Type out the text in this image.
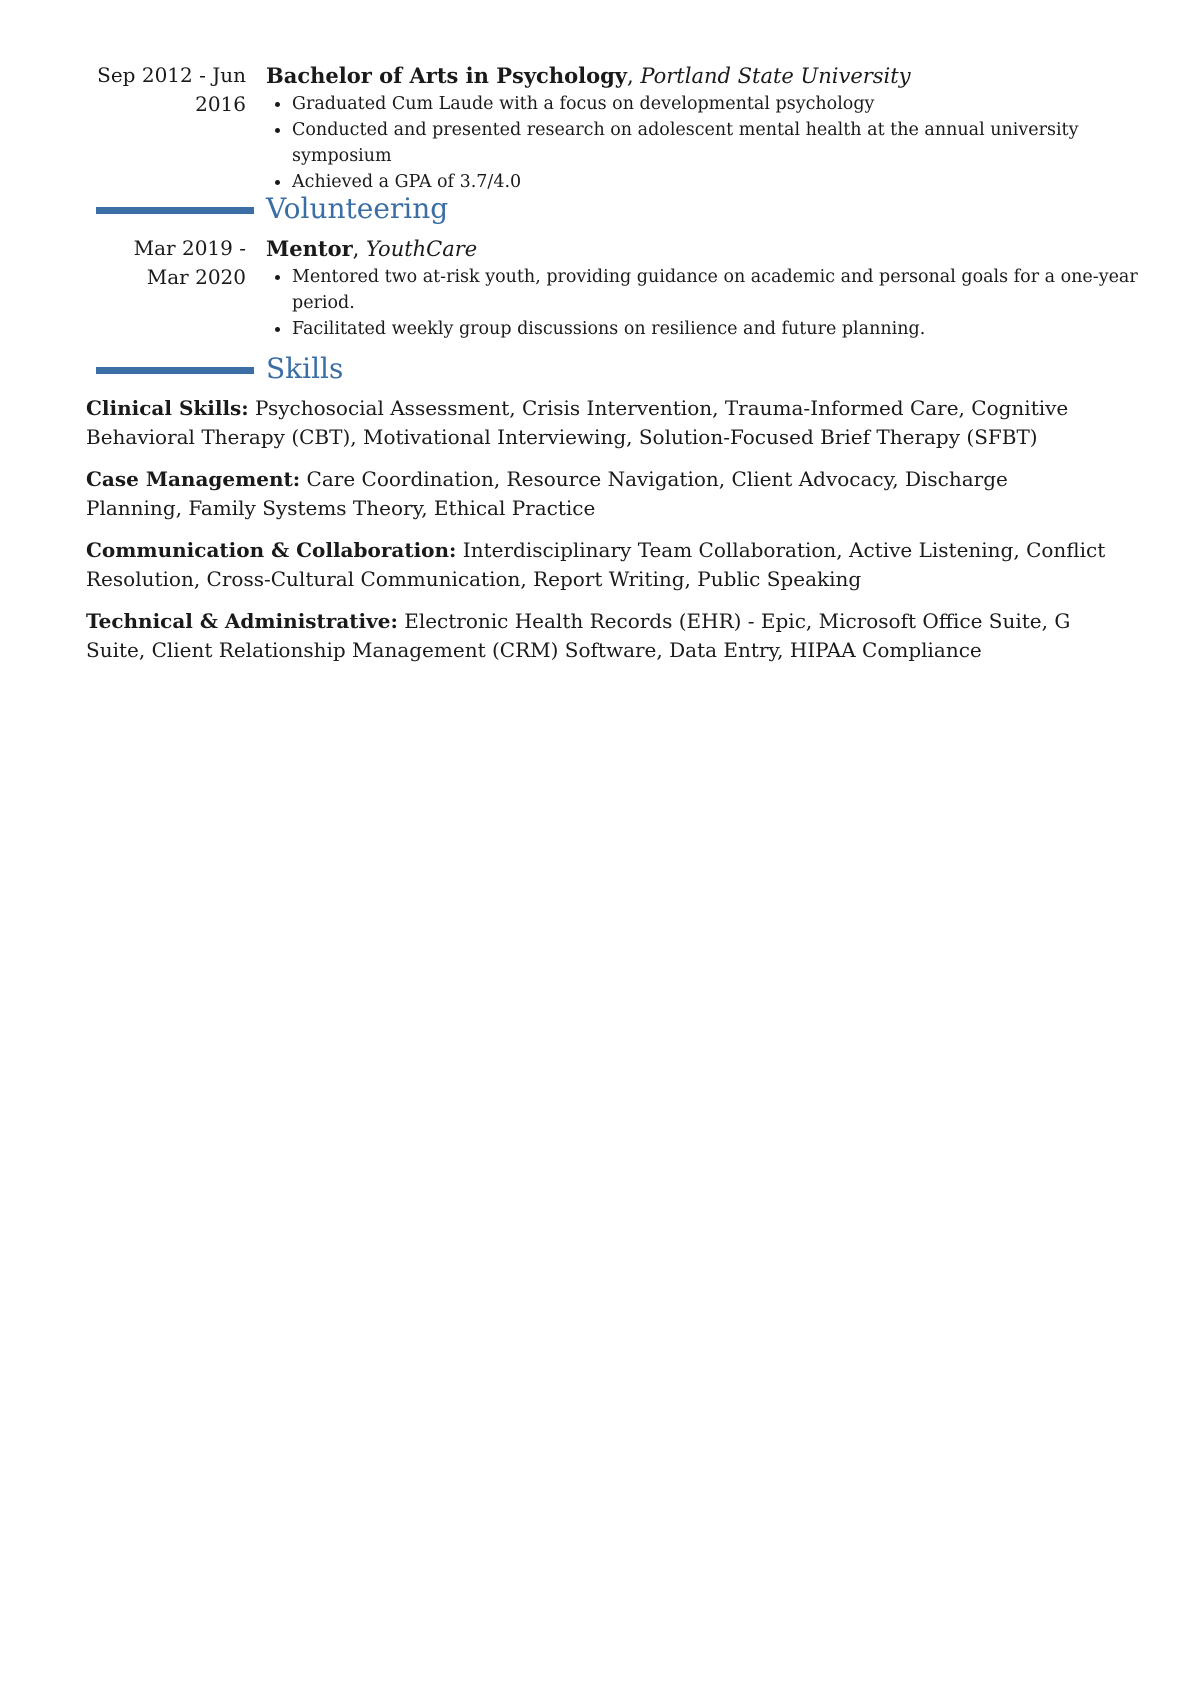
Sep 2012 - Jun 2016
Bachelor of Arts in Psychology, Portland State University
Graduated Cum Laude with a focus on developmental psychology
Conducted and presented research on adolescent mental health at the annual university symposium
Achieved a GPA of 3.7/4.0
Volunteering
Mar 2019 - Mar 2020
Mentor, YouthCare
Mentored two at-risk youth, providing guidance on academic and personal goals for a one-year period.
Facilitated weekly group discussions on resilience and future planning.
Skills
Clinical Skills: Psychosocial Assessment, Crisis Intervention, Trauma-Informed Care, Cognitive Behavioral Therapy (CBT), Motivational Interviewing, Solution-Focused Brief Therapy (SFBT)
Case Management: Care Coordination, Resource Navigation, Client Advocacy, Discharge Planning, Family Systems Theory, Ethical Practice
Communication & Collaboration: Interdisciplinary Team Collaboration, Active Listening, Conflict Resolution, Cross-Cultural Communication, Report Writing, Public Speaking
Technical & Administrative: Electronic Health Records (EHR) - Epic, Microsoft Office Suite, G Suite, Client Relationship Management (CRM) Software, Data Entry, HIPAA Compliance
